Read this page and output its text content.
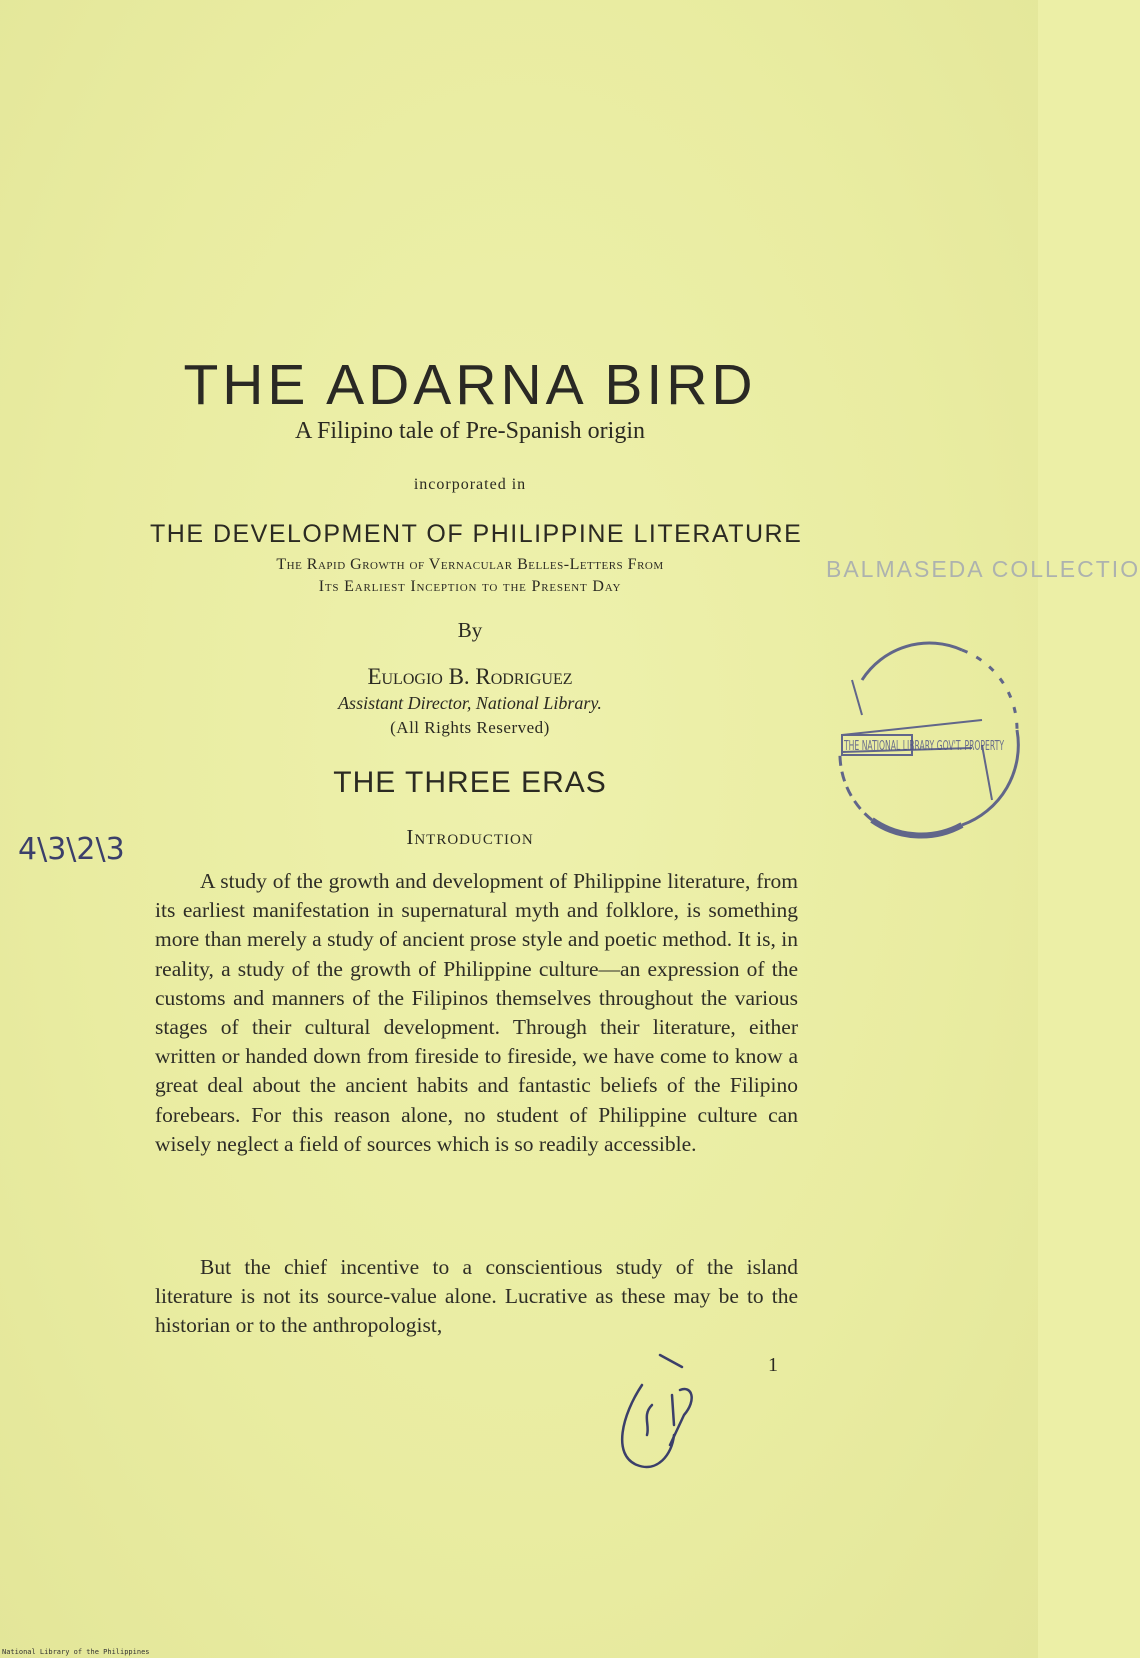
THE ADARNA BIRD
A Filipino tale of Pre-Spanish origin
incorporated in
THE DEVELOPMENT OF PHILIPPINE LITERATURE
The Rapid Growth of Vernacular Belles-Letters From
Its Earliest Inception to the Present Day
By
Eulogio B. Rodriguez
Assistant Director, National Library.
(All Rights Reserved)
THE THREE ERAS
Introduction
A study of the growth and development of Philippine literature, from its earliest manifestation in supernatural myth and folklore, is something more than merely a study of ancient prose style and poetic method. It is, in reality, a study of the growth of Philippine culture—an expression of the customs and manners of the Filipinos themselves throughout the various stages of their cultural development. Through their literature, either written or handed down from fireside to fireside, we have come to know a great deal about the ancient habits and fantastic beliefs of the Filipino forebears. For this reason alone, no student of Philippine culture can wisely neglect a field of sources which is so readily accessible.
But the chief incentive to a conscientious study of the island literature is not its source-value alone. Lucrative as these may be to the historian or to the anthropologist,
1
BALMASEDA COLLECTIO
THE NATIONAL LIBRARY GOV'T. PROPERTY
4\3\2\3
National Library of the Philippines
